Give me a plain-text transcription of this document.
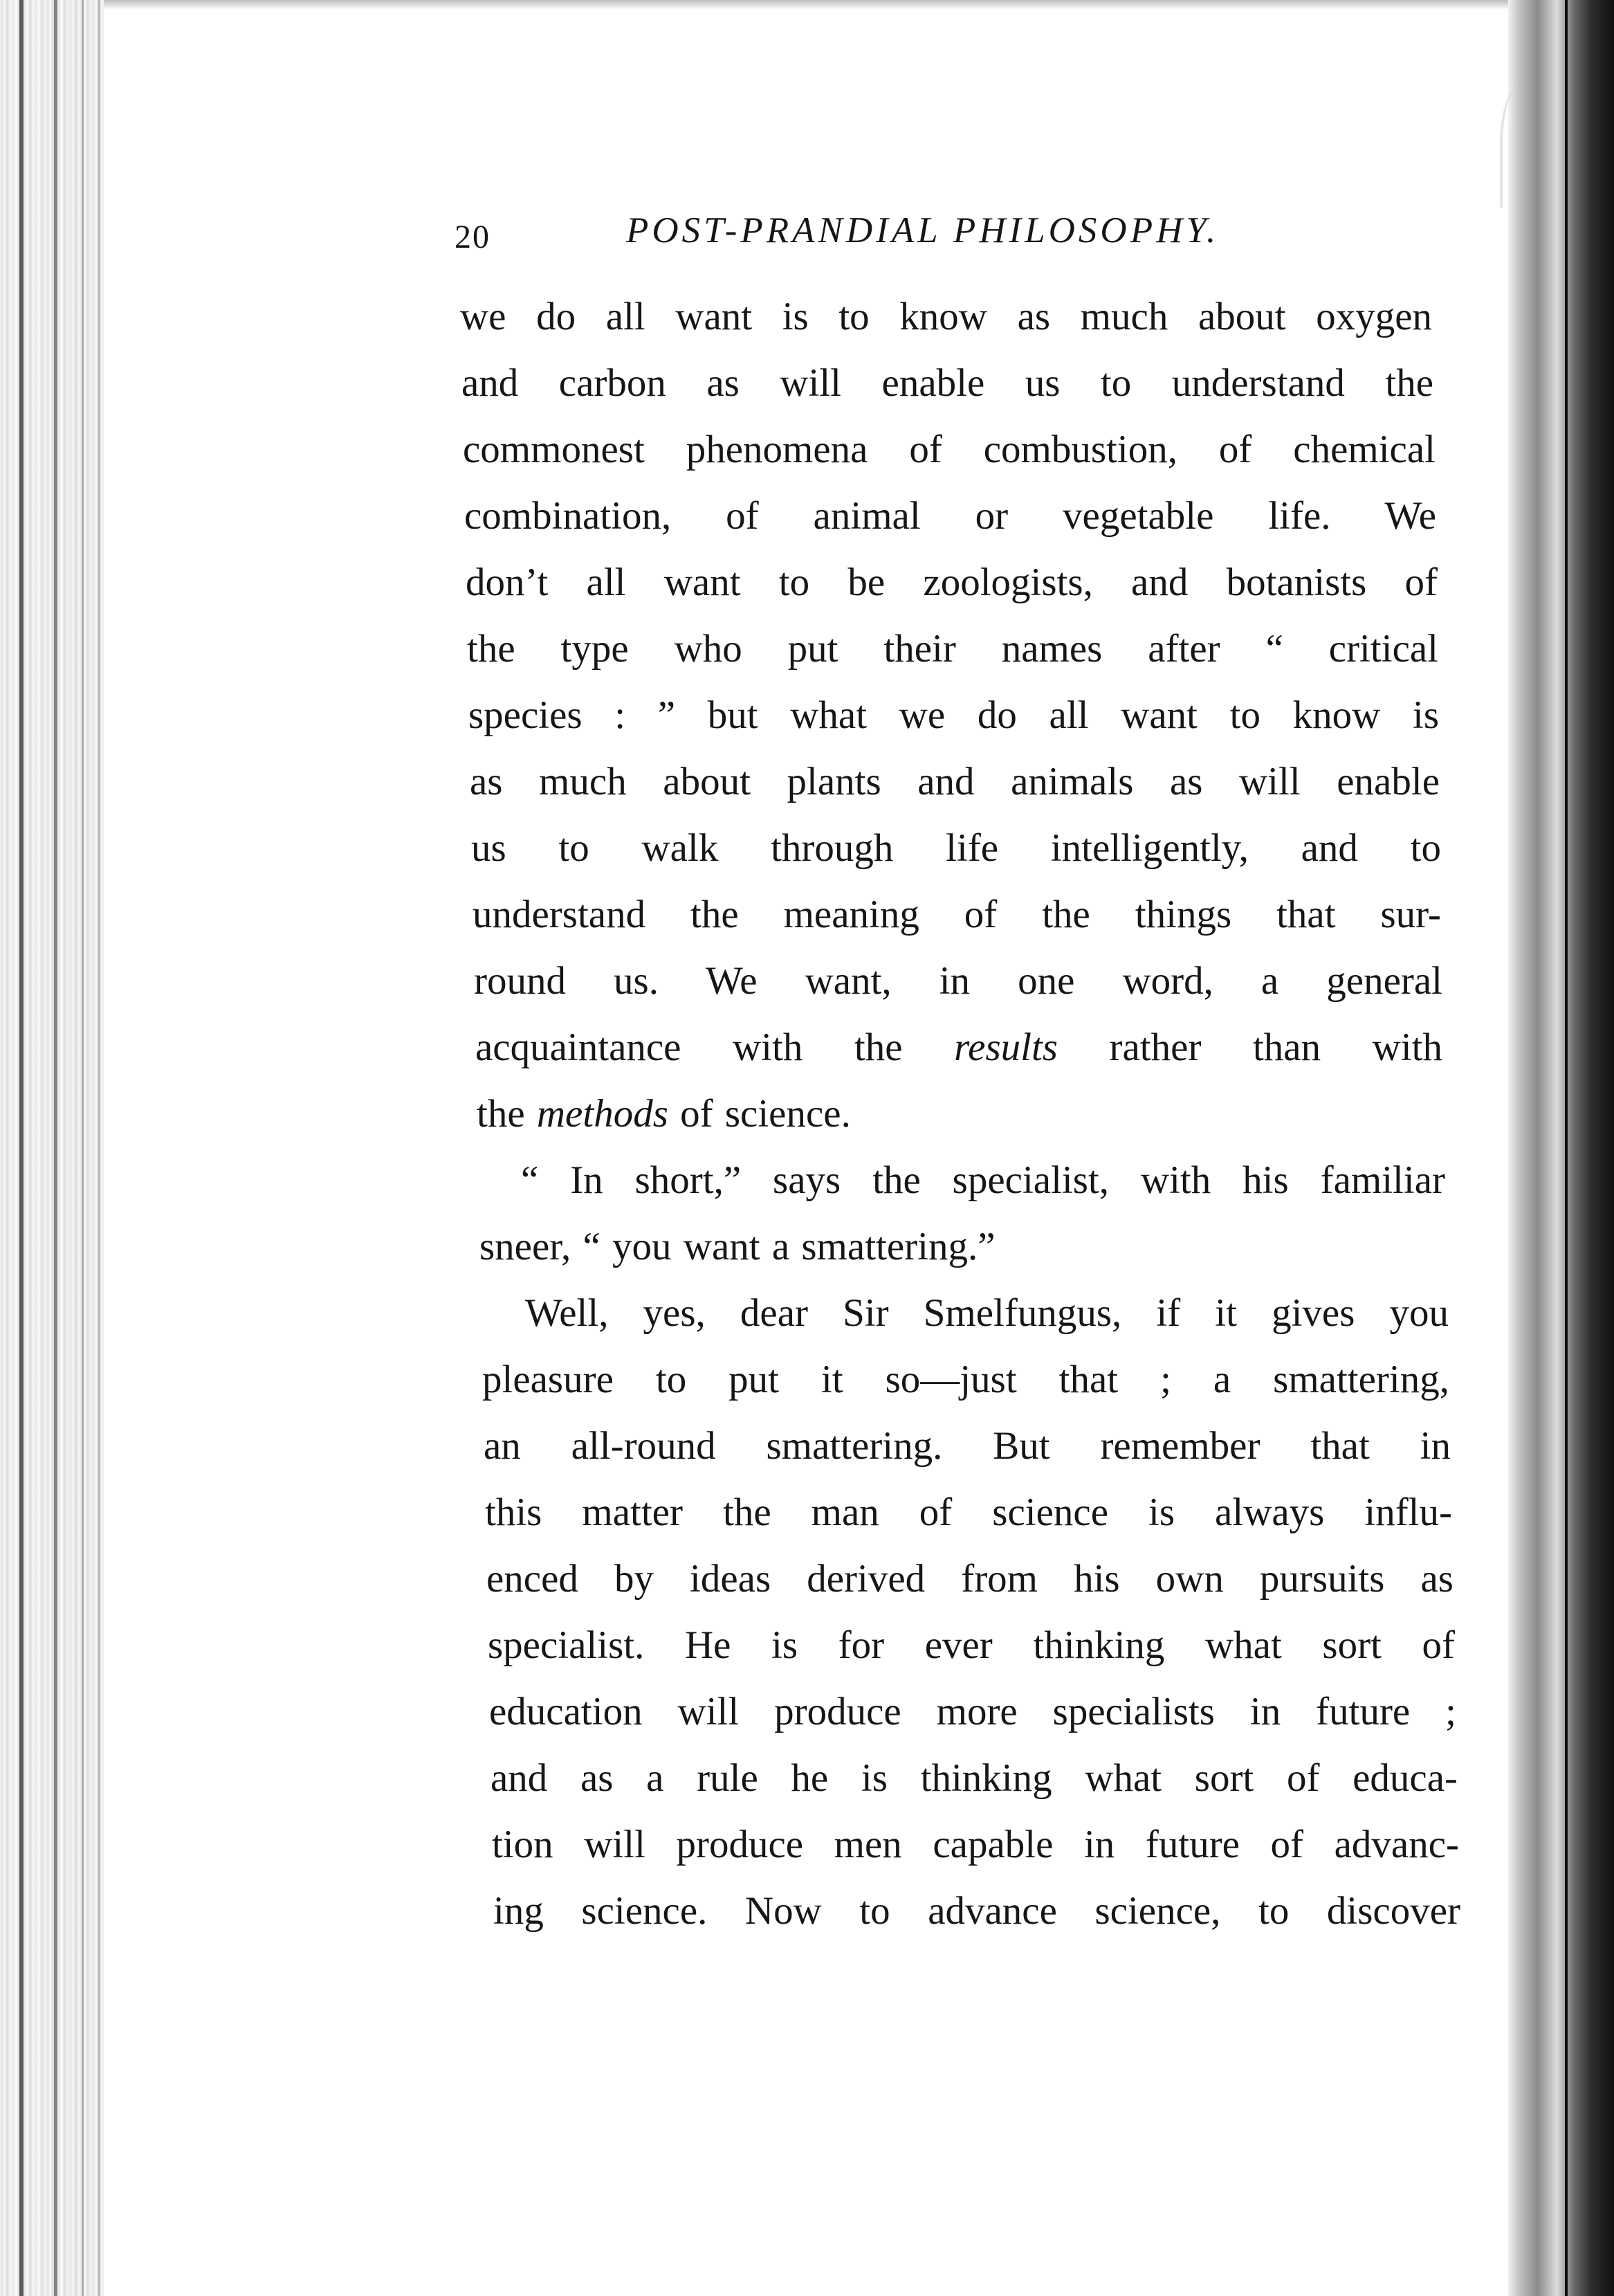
20	POST-PRANDIAL PHILOSOPHY.
we do all want is to know as much about oxygen
and carbon as will enable us to understand the
commonest phenomena of combustion, of chemical
combination, of animal or vegetable life. We
don’t all want to be zoologists, and botanists of
the type who put their names after “ critical
species : ” but what we do all want to know is
as much about plants and animals as will enable
us to walk through life intelligently, and to
understand the meaning of the things that sur-
round us. We want, in one word, a general
acquaintance with the results rather than with
the methods of science.
“ In short,” says the specialist, with his familiar
sneer, “ you want a smattering.”
Well, yes, dear Sir Smelfungus, if it gives you
pleasure to put it so—just that ; a smattering,
an all-round smattering. But remember that in
this matter the man of science is always influ-
enced by ideas derived from his own pursuits as
specialist. He is for ever thinking what sort of
education will produce more specialists in future ;
and as a rule he is thinking what sort of educa-
tion will produce men capable in future of advanc-
ing science. Now to advance science, to discover
